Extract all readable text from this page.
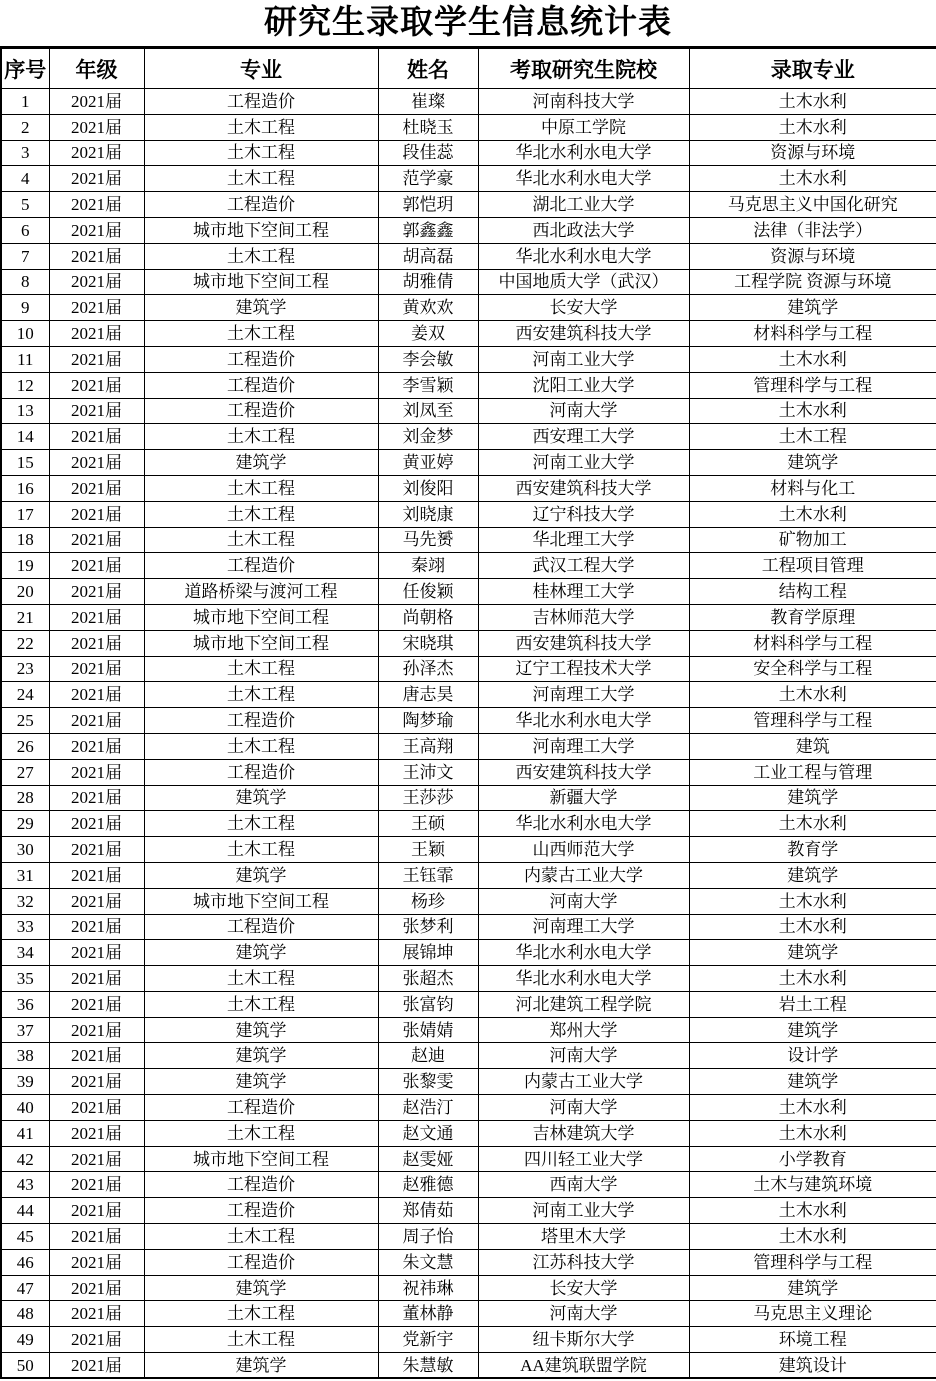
研究生录取学生信息统计表
序号	年级	专业	姓名	考取研究生院校	录取专业
1	2021届	工程造价	崔璨	河南科技大学	土木水利
2	2021届	土木工程	杜晓玉	中原工学院	土木水利
3	2021届	土木工程	段佳蕊	华北水利水电大学	资源与环境
4	2021届	土木工程	范学豪	华北水利水电大学	土木水利
5	2021届	工程造价	郭恺玥	湖北工业大学	马克思主义中国化研究
6	2021届	城市地下空间工程	郭鑫鑫	西北政法大学	法律（非法学）
7	2021届	土木工程	胡高磊	华北水利水电大学	资源与环境
8	2021届	城市地下空间工程	胡雅倩	中国地质大学（武汉）	工程学院 资源与环境
9	2021届	建筑学	黄欢欢	长安大学	建筑学
10	2021届	土木工程	姜双	西安建筑科技大学	材料科学与工程
11	2021届	工程造价	李会敏	河南工业大学	土木水利
12	2021届	工程造价	李雪颖	沈阳工业大学	管理科学与工程
13	2021届	工程造价	刘凤至	河南大学	土木水利
14	2021届	土木工程	刘金梦	西安理工大学	土木工程
15	2021届	建筑学	黄亚婷	河南工业大学	建筑学
16	2021届	土木工程	刘俊阳	西安建筑科技大学	材料与化工
17	2021届	土木工程	刘晓康	辽宁科技大学	土木水利
18	2021届	土木工程	马先赟	华北理工大学	矿物加工
19	2021届	工程造价	秦翊	武汉工程大学	工程项目管理
20	2021届	道路桥梁与渡河工程	任俊颖	桂林理工大学	结构工程
21	2021届	城市地下空间工程	尚朝格	吉林师范大学	教育学原理
22	2021届	城市地下空间工程	宋晓琪	西安建筑科技大学	材料科学与工程
23	2021届	土木工程	孙泽杰	辽宁工程技术大学	安全科学与工程
24	2021届	土木工程	唐志昊	河南理工大学	土木水利
25	2021届	工程造价	陶梦瑜	华北水利水电大学	管理科学与工程
26	2021届	土木工程	王高翔	河南理工大学	建筑
27	2021届	工程造价	王沛文	西安建筑科技大学	工业工程与管理
28	2021届	建筑学	王莎莎	新疆大学	建筑学
29	2021届	土木工程	王硕	华北水利水电大学	土木水利
30	2021届	土木工程	王颖	山西师范大学	教育学
31	2021届	建筑学	王钰霏	内蒙古工业大学	建筑学
32	2021届	城市地下空间工程	杨珍	河南大学	土木水利
33	2021届	工程造价	张梦利	河南理工大学	土木水利
34	2021届	建筑学	展锦坤	华北水利水电大学	建筑学
35	2021届	土木工程	张超杰	华北水利水电大学	土木水利
36	2021届	土木工程	张富钧	河北建筑工程学院	岩土工程
37	2021届	建筑学	张婧婧	郑州大学	建筑学
38	2021届	建筑学	赵迪	河南大学	设计学
39	2021届	建筑学	张黎雯	内蒙古工业大学	建筑学
40	2021届	工程造价	赵浩汀	河南大学	土木水利
41	2021届	土木工程	赵文通	吉林建筑大学	土木水利
42	2021届	城市地下空间工程	赵雯娅	四川轻工业大学	小学教育
43	2021届	工程造价	赵雅德	西南大学	土木与建筑环境
44	2021届	工程造价	郑倩茹	河南工业大学	土木水利
45	2021届	土木工程	周子怡	塔里木大学	土木水利
46	2021届	工程造价	朱文慧	江苏科技大学	管理科学与工程
47	2021届	建筑学	祝祎琳	长安大学	建筑学
48	2021届	土木工程	董林静	河南大学	马克思主义理论
49	2021届	土木工程	党新宇	纽卡斯尔大学	环境工程
50	2021届	建筑学	朱慧敏	AA建筑联盟学院	建筑设计
